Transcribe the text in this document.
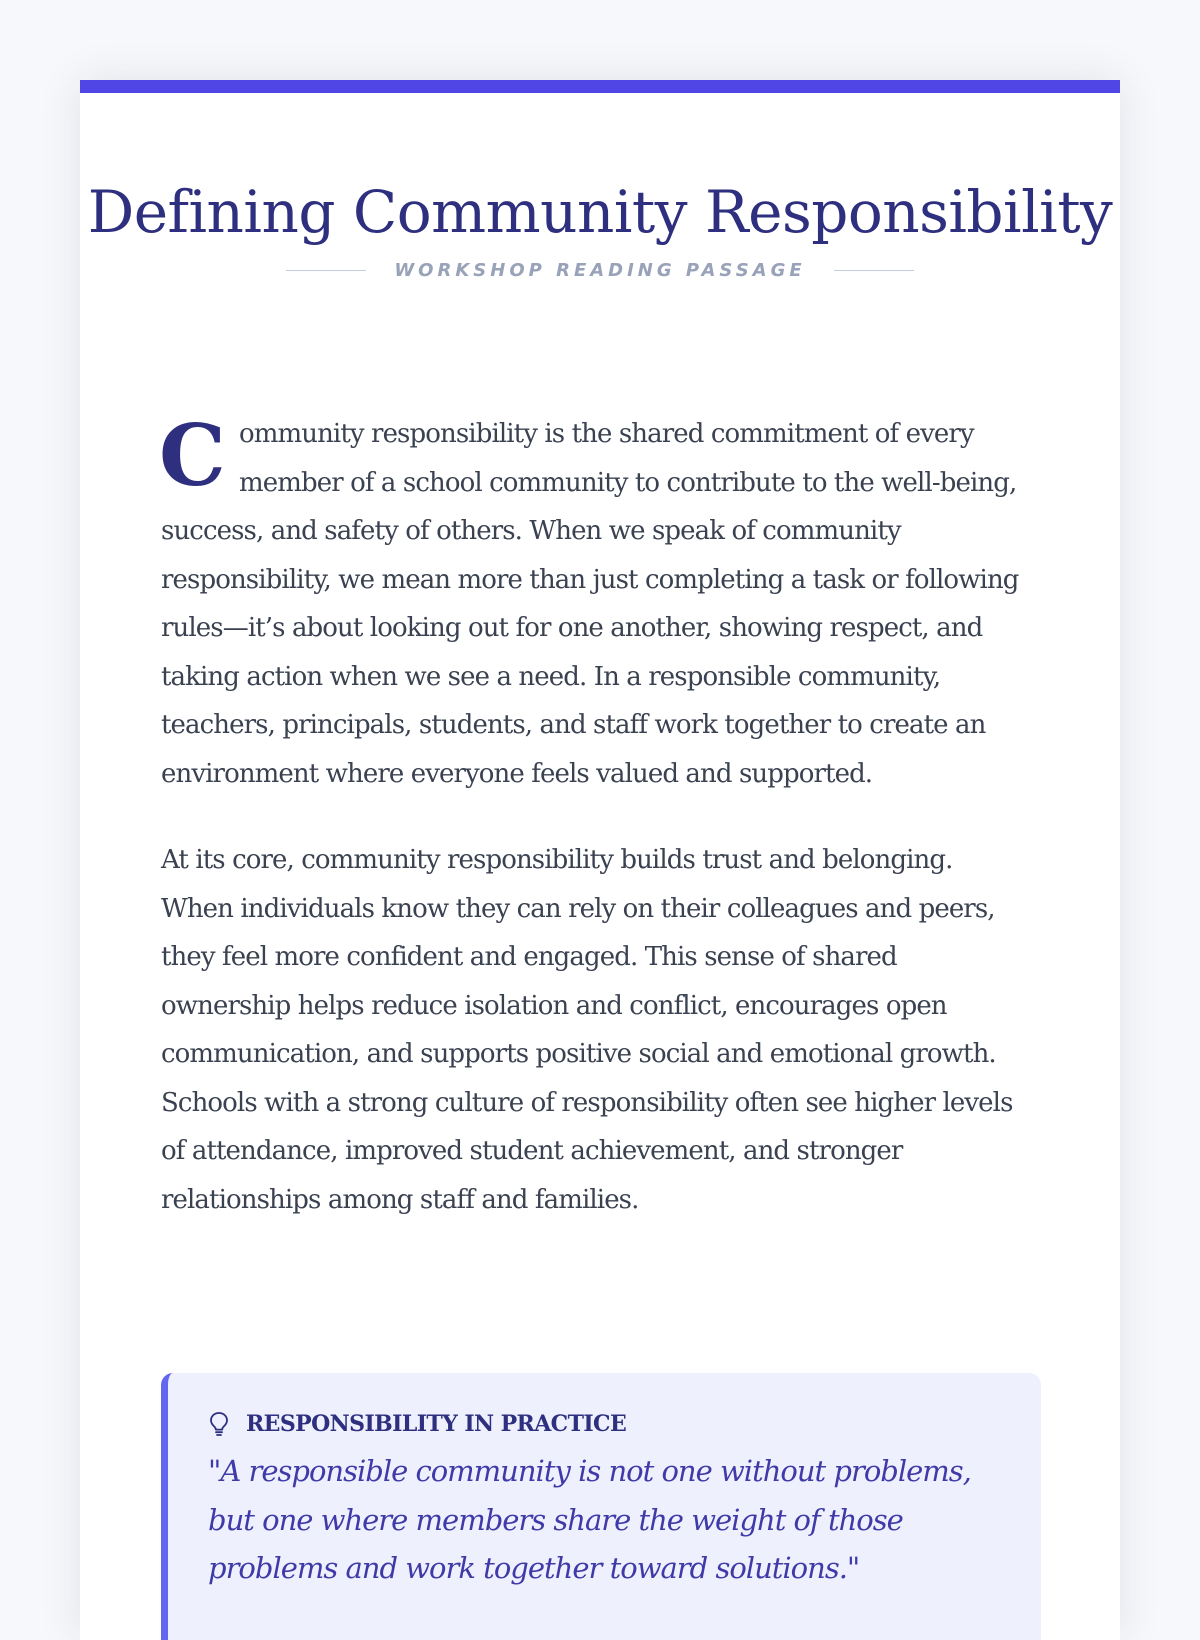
Defining Community Responsibility
WORKSHOP READING PASSAGE

Community responsibility is the shared commitment of every member of a school community to contribute to the well-being, success, and safety of others. When we speak of community responsibility, we mean more than just completing a task or following rules—it’s about looking out for one another, showing respect, and taking action when we see a need. In a responsible community, teachers, principals, students, and staff work together to create an environment where everyone feels valued and supported.

At its core, community responsibility builds trust and belonging. When individuals know they can rely on their colleagues and peers, they feel more confident and engaged. This sense of shared ownership helps reduce isolation and conflict, encourages open communication, and supports positive social and emotional growth. Schools with a strong culture of responsibility often see higher levels of attendance, improved student achievement, and stronger relationships among staff and families.

RESPONSIBILITY IN PRACTICE

"A responsible community is not one without problems, but one where members share the weight of those problems and work together toward solutions."
